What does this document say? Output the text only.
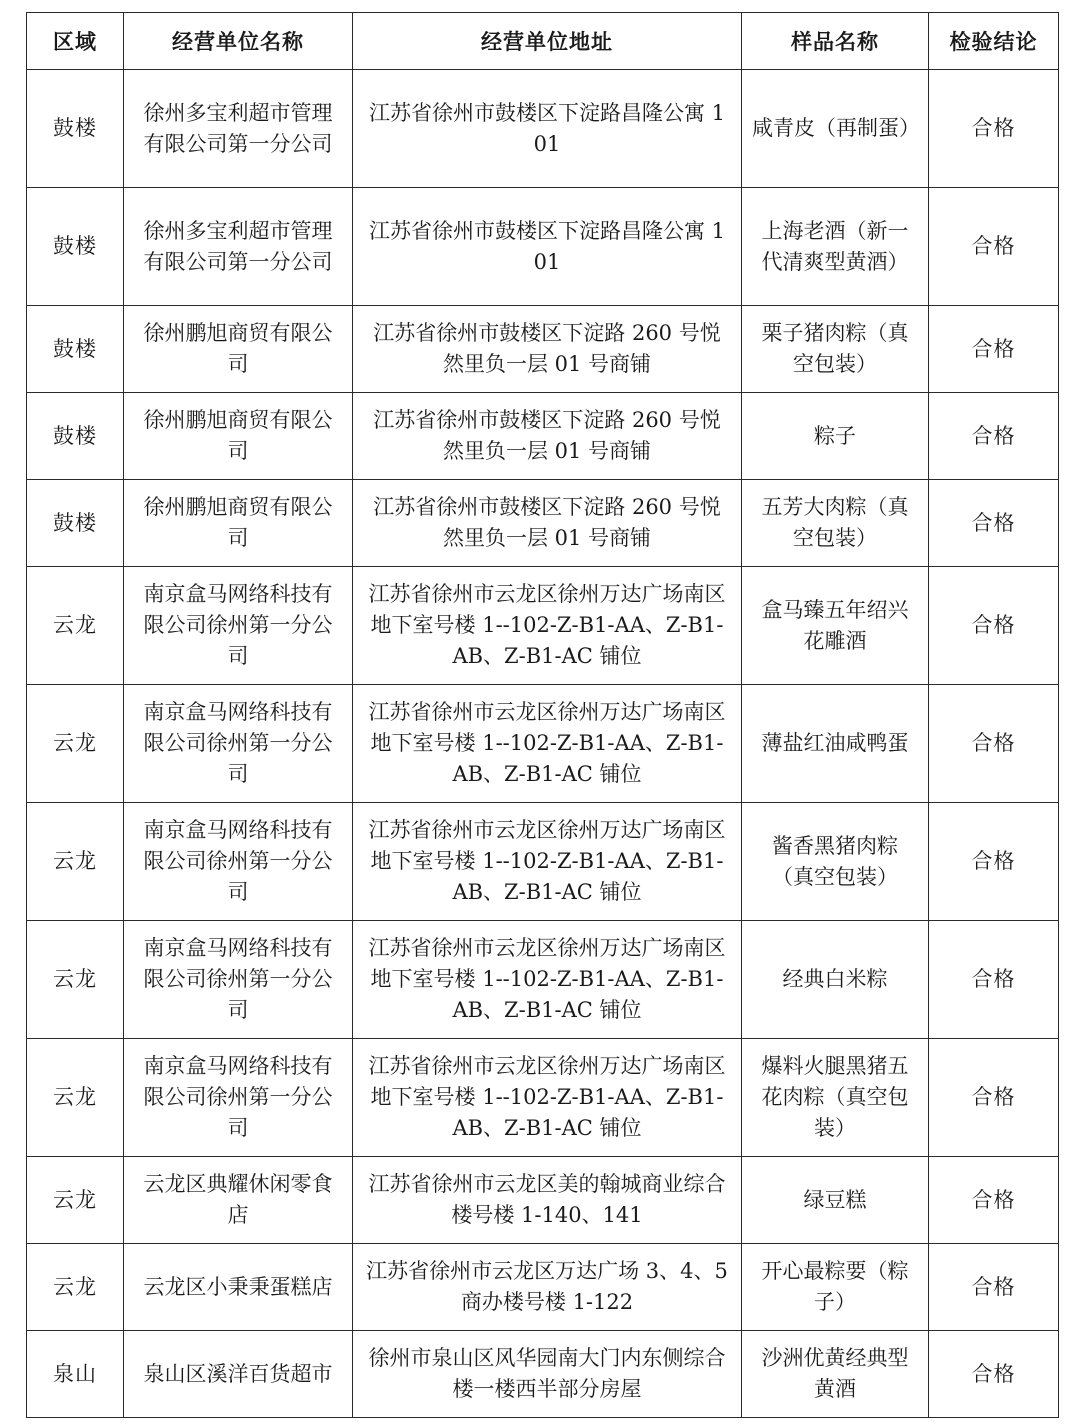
区域	经营单位名称	经营单位地址	样品名称	检验结论
鼓楼	徐州多宝利超市管理有限公司第一分公司	江苏省徐州市鼓楼区下淀路昌隆公寓 101	咸青皮（再制蛋）	合格
鼓楼	徐州多宝利超市管理有限公司第一分公司	江苏省徐州市鼓楼区下淀路昌隆公寓 101	上海老酒（新一代清爽型黄酒）	合格
鼓楼	徐州鹏旭商贸有限公司	江苏省徐州市鼓楼区下淀路 260 号悦然里负一层 01 号商铺	栗子猪肉粽（真空包装）	合格
鼓楼	徐州鹏旭商贸有限公司	江苏省徐州市鼓楼区下淀路 260 号悦然里负一层 01 号商铺	粽子	合格
鼓楼	徐州鹏旭商贸有限公司	江苏省徐州市鼓楼区下淀路 260 号悦然里负一层 01 号商铺	五芳大肉粽（真空包装）	合格
云龙	南京盒马网络科技有限公司徐州第一分公司	江苏省徐州市云龙区徐州万达广场南区地下室号楼 1--102-Z-B1-AA、Z-B1-AB、Z-B1-AC 铺位	盒马臻五年绍兴花雕酒	合格
云龙	南京盒马网络科技有限公司徐州第一分公司	江苏省徐州市云龙区徐州万达广场南区地下室号楼 1--102-Z-B1-AA、Z-B1-AB、Z-B1-AC 铺位	薄盐红油咸鸭蛋	合格
云龙	南京盒马网络科技有限公司徐州第一分公司	江苏省徐州市云龙区徐州万达广场南区地下室号楼 1--102-Z-B1-AA、Z-B1-AB、Z-B1-AC 铺位	酱香黑猪肉粽（真空包装）	合格
云龙	南京盒马网络科技有限公司徐州第一分公司	江苏省徐州市云龙区徐州万达广场南区地下室号楼 1--102-Z-B1-AA、Z-B1-AB、Z-B1-AC 铺位	经典白米粽	合格
云龙	南京盒马网络科技有限公司徐州第一分公司	江苏省徐州市云龙区徐州万达广场南区地下室号楼 1--102-Z-B1-AA、Z-B1-AB、Z-B1-AC 铺位	爆料火腿黑猪五花肉粽（真空包装）	合格
云龙	云龙区典耀休闲零食店	江苏省徐州市云龙区美的翰城商业综合楼号楼 1-140、141	绿豆糕	合格
云龙	云龙区小秉秉蛋糕店	江苏省徐州市云龙区万达广场 3、4、5 商办楼号楼 1-122	开心最粽要（粽子）	合格
泉山	泉山区溪洋百货超市	徐州市泉山区风华园南大门内东侧综合楼一楼西半部分房屋	沙洲优黄经典型黄酒	合格
